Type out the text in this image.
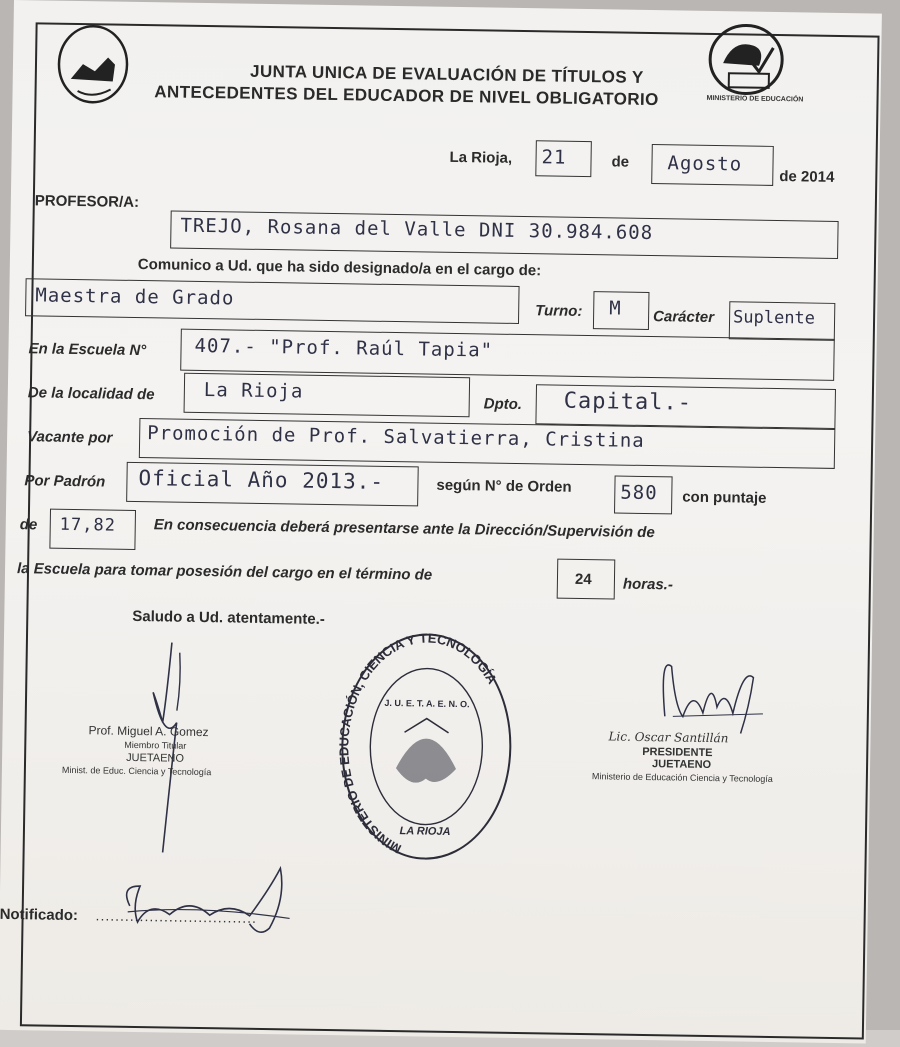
MINISTERIO DE EDUCACIÓN
JUNTA UNICA DE EVALUACIÓN DE TÍTULOS Y
ANTECEDENTES DEL EDUCADOR DE NIVEL OBLIGATORIO
La Rioja, 21	de Agosto
de 2014
PROFESOR/A:
TREJO, Rosana del Valle DNI 30.984.608
Comunico a Ud. que ha sido designado/a en el cargo de:
Maestra de Grado
Turno: M Carácter Suplente
En la Escuela N°	407.- "Prof. Raúl Tapia"
De la localidad de	La Rioja
Dpto. Capital.-
Vacante por Promoción de Prof. Salvatierra, Cristina
Por Padrón Oficial Año 2013.-	según N° de Orden	580 con puntaje
de 17,82	En consecuencia deberá presentarse ante la Dirección/Supervisión de
la Escuela para tomar posesión del cargo en el término de	24 horas.-
Saludo a Ud. atentamente.-
Prof. Miguel A. Gomez
Miembro Titular
JUETAENO
Minist. de Educ. Ciencia y Tecnología
MINISTERIO DE EDUCACIÓN, CIENCIA Y TECNOLOGÍA
J. U. E. T. A. E. N. O.
LA RIOJA
Lic. Oscar Santillán
PRESIDENTE
JUETAENO
Ministerio de Educación Ciencia y Tecnología
Notificado: .................................
